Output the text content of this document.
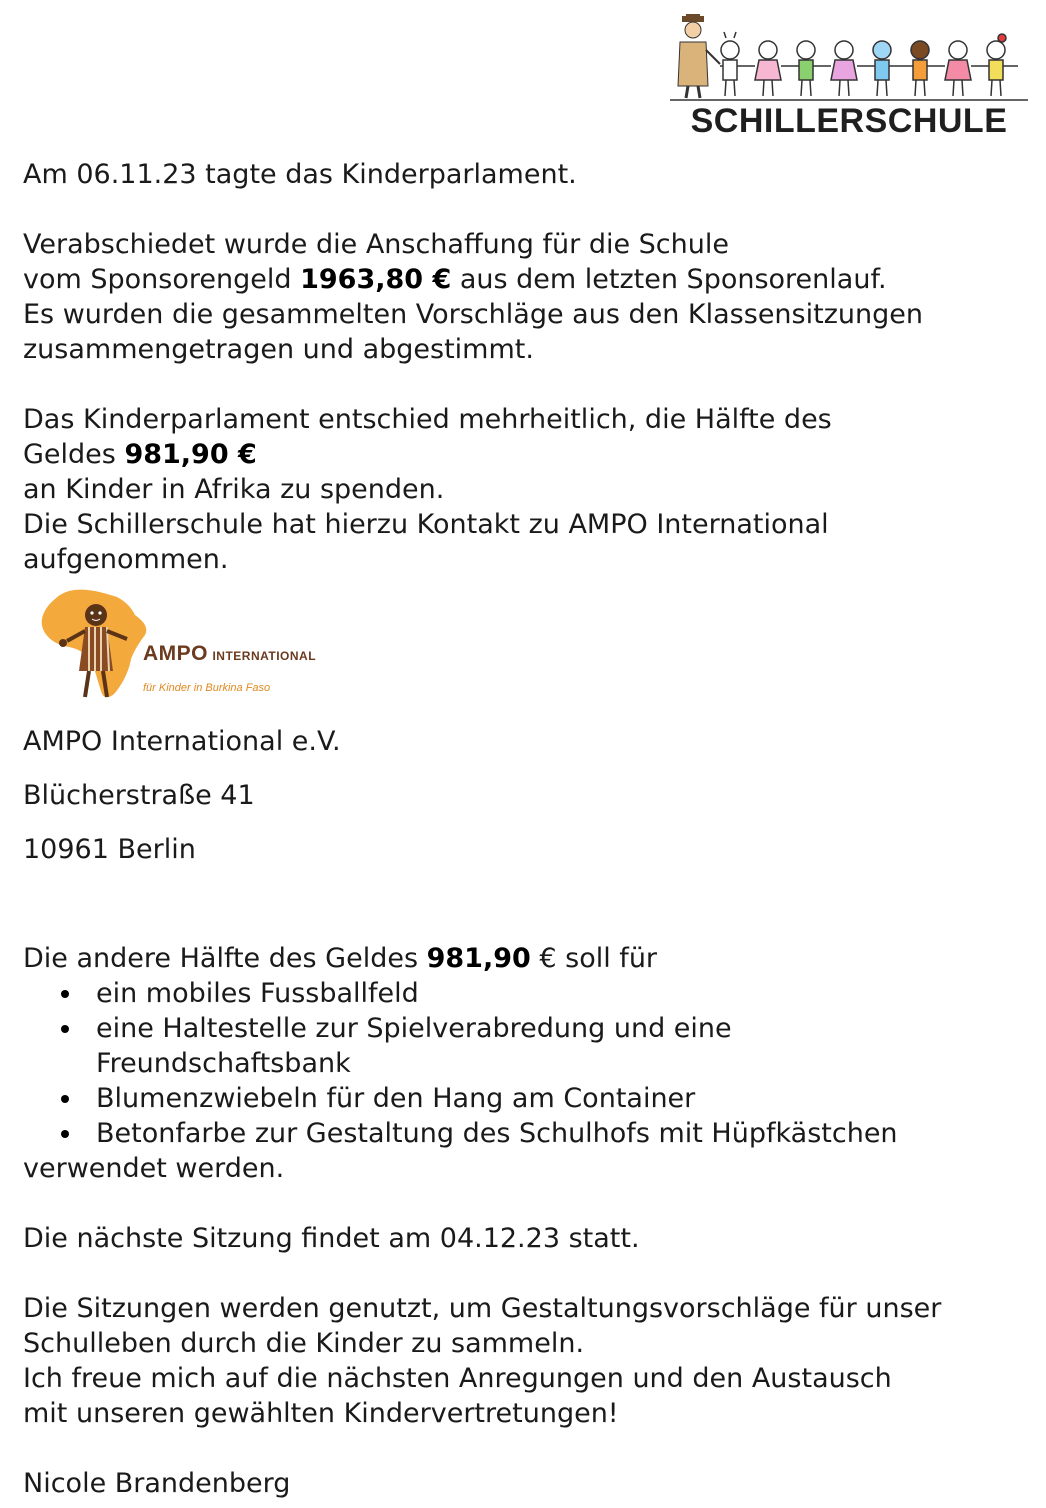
SCHILLERSCHULE

Am 06.11.23 tagte das Kinderparlament.

Verabschiedet wurde die Anschaffung für die Schule

vom Sponsorengeld 1963,80 € aus dem letzten Sponsorenlauf.

Es wurden die gesammelten Vorschläge aus den Klassensitzungen

zusammengetragen und abgestimmt.

Das Kinderparlament entschied mehrheitlich, die Hälfte des

Geldes 981,90 €

an Kinder in Afrika zu spenden.

Die Schillerschule hat hierzu Kontakt zu AMPO International

aufgenommen.

AMPO INTERNATIONAL
für Kinder in Burkina Faso

AMPO International e.V.

Blücherstraße 41

10961 Berlin

Die andere Hälfte des Geldes 981,90 € soll für

ein mobiles Fussballfeld
eine Haltestelle zur Spielverabredung und eine
Freundschaftsbank
Blumenzwiebeln für den Hang am Container
Betonfarbe zur Gestaltung des Schulhofs mit Hüpfkästchen

verwendet werden.

Die nächste Sitzung findet am 04.12.23 statt.

Die Sitzungen werden genutzt, um Gestaltungsvorschläge für unser

Schulleben durch die Kinder zu sammeln.

Ich freue mich auf die nächsten Anregungen und den Austausch

mit unseren gewählten Kindervertretungen!

Nicole Brandenberg
